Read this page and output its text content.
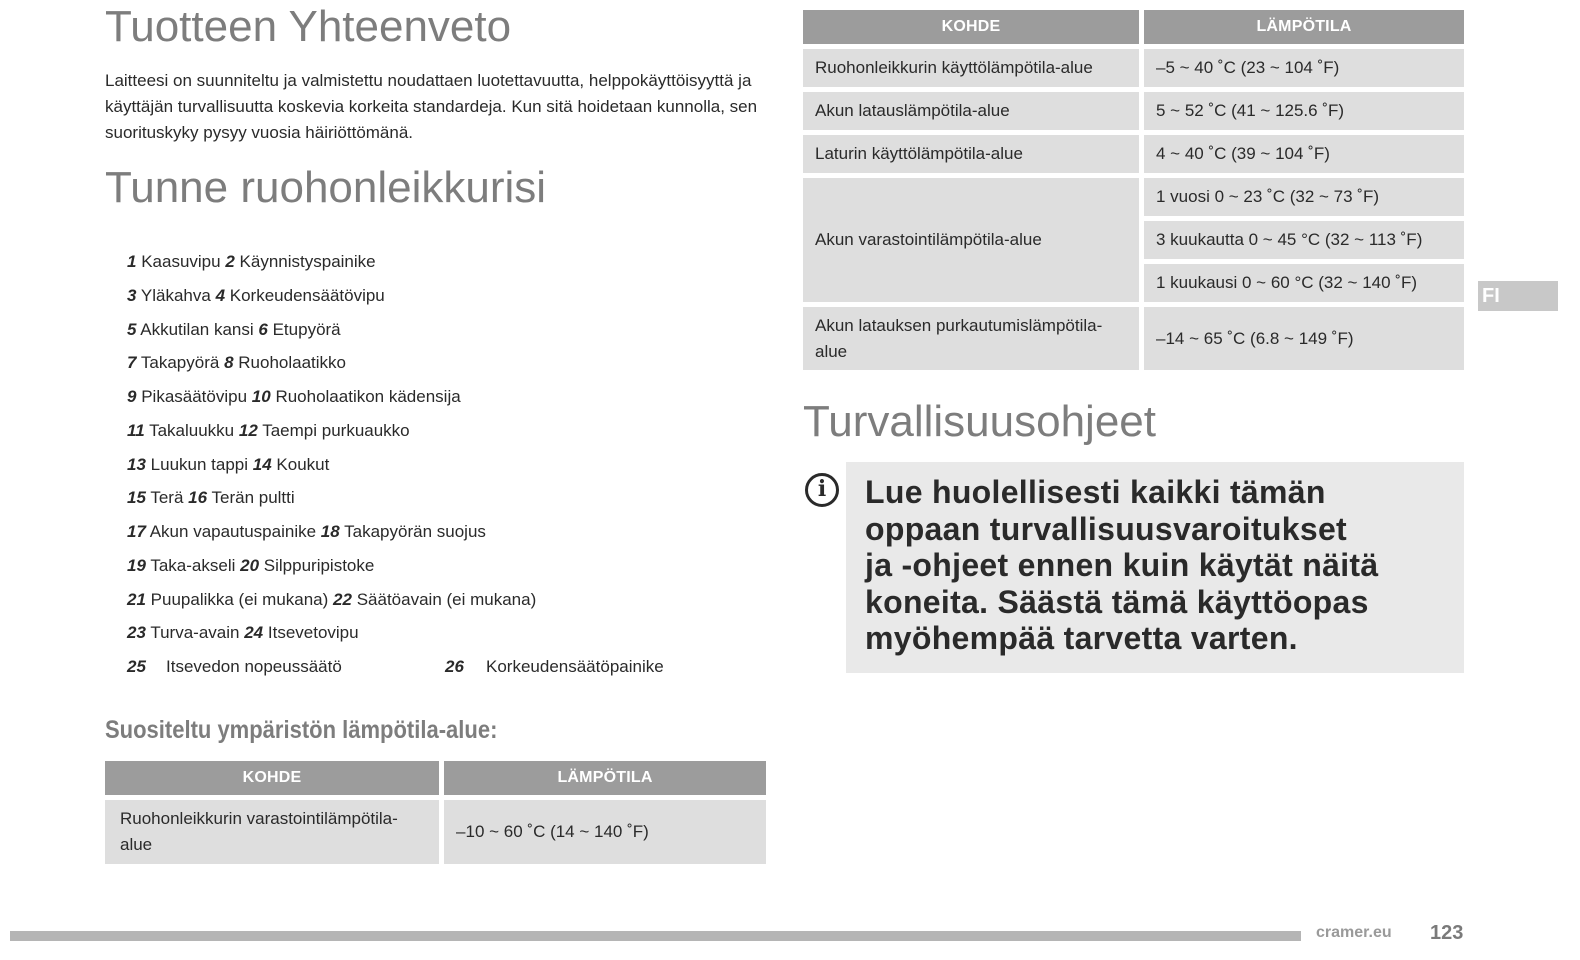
Tuotteen Yhteenveto

Laitteesi on suunniteltu ja valmistettu noudattaen luotettavuutta, helppokäyttöisyyttä ja käyttäjän turvallisuutta koskevia korkeita standardeja. Kun sitä hoidetaan kunnolla, sen suorituskyky pysyy vuosia häiriöttömänä.

Tunne ruohonleikkurisi
1 Kaasuvipu 2 Käynnistyspainike
3 Yläkahva 4 Korkeudensäätövipu
5 Akkutilan kansi 6 Etupyörä
7 Takapyörä 8 Ruoholaatikko
9 Pikasäätövipu 10 Ruoholaatikon kädensija
11 Takaluukku 12 Taempi purkuaukko
13 Luukun tappi 14 Koukut
15 Terä 16 Terän pultti
17 Akun vapautuspainike 18 Takapyörän suojus
19 Taka-akseli 20 Silppuripistoke
21 Puupalikka (ei mukana) 22 Säätöavain (ei mukana)
23 Turva-avain 24 Itsevetovipu
25 Itsevedon nopeussäätö	26 Korkeudensäätöpainike
Suositeltu ympäristön lämpötila-alue:
KOHDE	LÄMPÖTILA
Ruohonleikkurin varastointilämpötila-alue	–10 ~ 60 ˚C (14 ~ 140 ˚F)
KOHDE	LÄMPÖTILA
Ruohonleikkurin käyttölämpötila-alue	–5 ~ 40 ˚C (23 ~ 104 ˚F)
Akun latauslämpötila-alue	5 ~ 52 ˚C (41 ~ 125.6 ˚F)
Laturin käyttölämpötila-alue	4 ~ 40 ˚C (39 ~ 104 ˚F)
Akun varastointilämpötila-alue	1 vuosi 0 ~ 23 ˚C (32 ~ 73 ˚F)
	3 kuukautta 0 ~ 45 °C (32 ~ 113 ˚F)
	1 kuukausi 0 ~ 60 °C (32 ~ 140 ˚F)
Akun latauksen purkautumislämpötila-alue	–14 ~ 65 ˚C (6.8 ~ 149 ˚F)
Turvallisuusohjeet
i	Lue huolellisesti kaikki tämän
oppaan turvallisuusvaroitukset
ja -ohjeet ennen kuin käytät näitä
koneita. Säästä tämä käyttöopas
myöhempää tarvetta varten.

FI
cramer.eu 123
